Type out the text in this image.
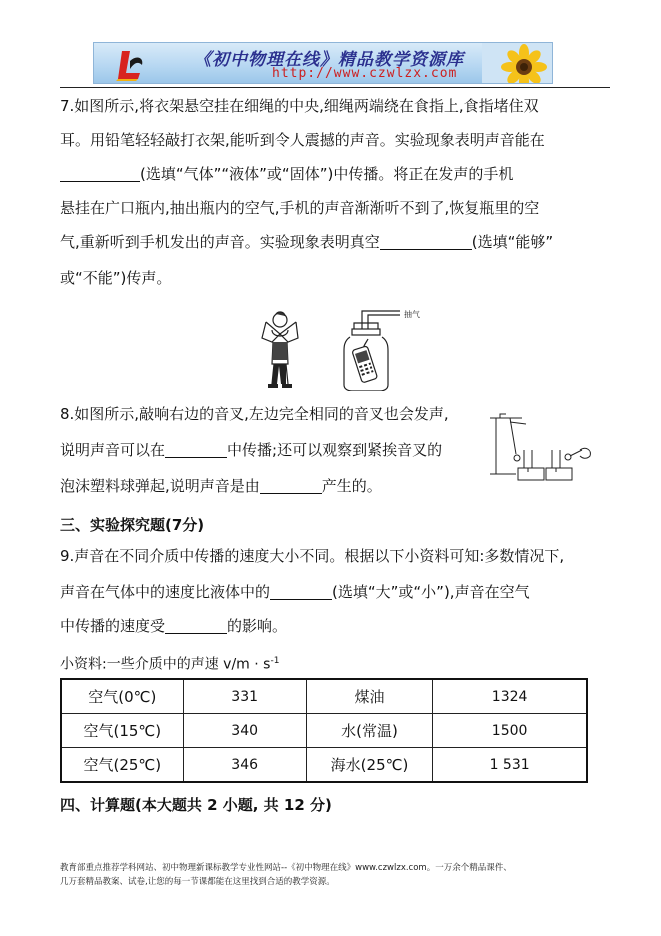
《初中物理在线》精品教学资源库
http://www.czwlzx.com
7.如图所示,将衣架悬空挂在细绳的中央,细绳两端绕在食指上,食指堵住双
耳。用铅笔轻轻敲打衣架,能听到令人震撼的声音。实验现象表明声音能在
(选填“气体”“液体”或“固体”)中传播。将正在发声的手机
悬挂在广口瓶内,抽出瓶内的空气,手机的声音渐渐听不到了,恢复瓶里的空
气,重新听到手机发出的声音。实验现象表明真空	(选填“能够”
或“不能”)传声。
抽气
8.如图所示,敲响右边的音叉,左边完全相同的音叉也会发声,
说明声音可以在	中传播;还可以观察到紧挨音叉的
泡沫塑料球弹起,说明声音是由	产生的。
三、实验探究题(7分)
9.声音在不同介质中传播的速度大小不同。根据以下小资料可知:多数情况下,
声音在气体中的速度比液体中的	(选填“大”或“小”),声音在空气
中传播的速度受	的影响。
小资料:一些介质中的声速 $v/m \cdot s^{-1}$
空气(0℃)	331	煤油	1324
空气(15℃)	340	水(常温)	1500
空气(25℃)	346	海水(25℃)	1 531
四、计算题(本大题共 2 小题, 共 12 分)
教育部重点推荐学科网站、初中物理新课标教学专业性网站--《初中物理在线》www.czwlzx.com。一万余个精品课件、
几万套精品教案、试卷,让您的每一节课都能在这里找到合适的教学资源。
